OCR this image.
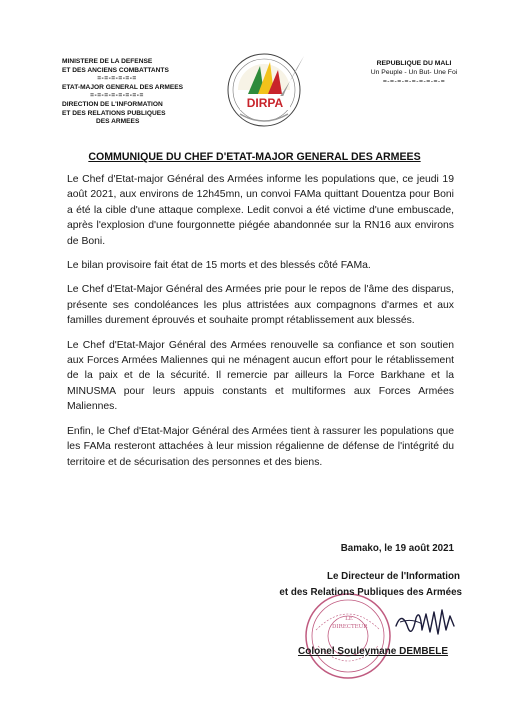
MINISTERE DE LA DEFENSE
ET DES ANCIENS COMBATTANTS
=-=-=-=-=-=
ETAT-MAJOR GENERAL DES ARMEES
=-=-=-=-=-=-=-=
DIRECTION DE L'INFORMATION
ET DES RELATIONS PUBLIQUES
DES ARMEES
DIRPA
REPUBLIQUE DU MALI
Un Peuple - Un But- Une Foi
=-=-=-=-=-=-=-=-=
COMMUNIQUE DU CHEF D'ETAT-MAJOR GENERAL DES ARMEES

Le Chef d'Etat-major Général des Armées informe les populations que, ce jeudi 19 août 2021, aux environs de 12h45mn, un convoi FAMa quittant Douentza pour Boni a été la cible d'une attaque complexe. Ledit convoi a été victime d'une embuscade, après l'explosion d'une fourgonnette piégée abandonnée sur la RN16 aux environs de Boni.

Le bilan provisoire fait état de 15 morts et des blessés côté FAMa.

Le Chef d'Etat-Major Général des Armées prie pour le repos de l'âme des disparus, présente ses condoléances les plus attristées aux compagnons d'armes et aux familles durement éprouvés et souhaite prompt rétablissement aux blessés.

Le Chef d'Etat-Major Général des Armées renouvelle sa confiance et son soutien aux Forces Armées Maliennes qui ne ménagent aucun effort pour le rétablissement de la paix et de la sécurité. Il remercie par ailleurs la Force Barkhane et la MINUSMA pour leurs appuis constants et multiformes aux Forces Armées Maliennes.

Enfin, le Chef d'Etat-Major Général des Armées tient à rassurer les populations que les FAMa resteront attachées à leur mission régalienne de défense de l'intégrité du territoire et de sécurisation des personnes et des biens.

Bamako, le 19 août 2021
LE
DIRECTEUR
Le Directeur de l'Information
et des Relations Publiques des Armées
Colonel Souleymane DEMBELE
